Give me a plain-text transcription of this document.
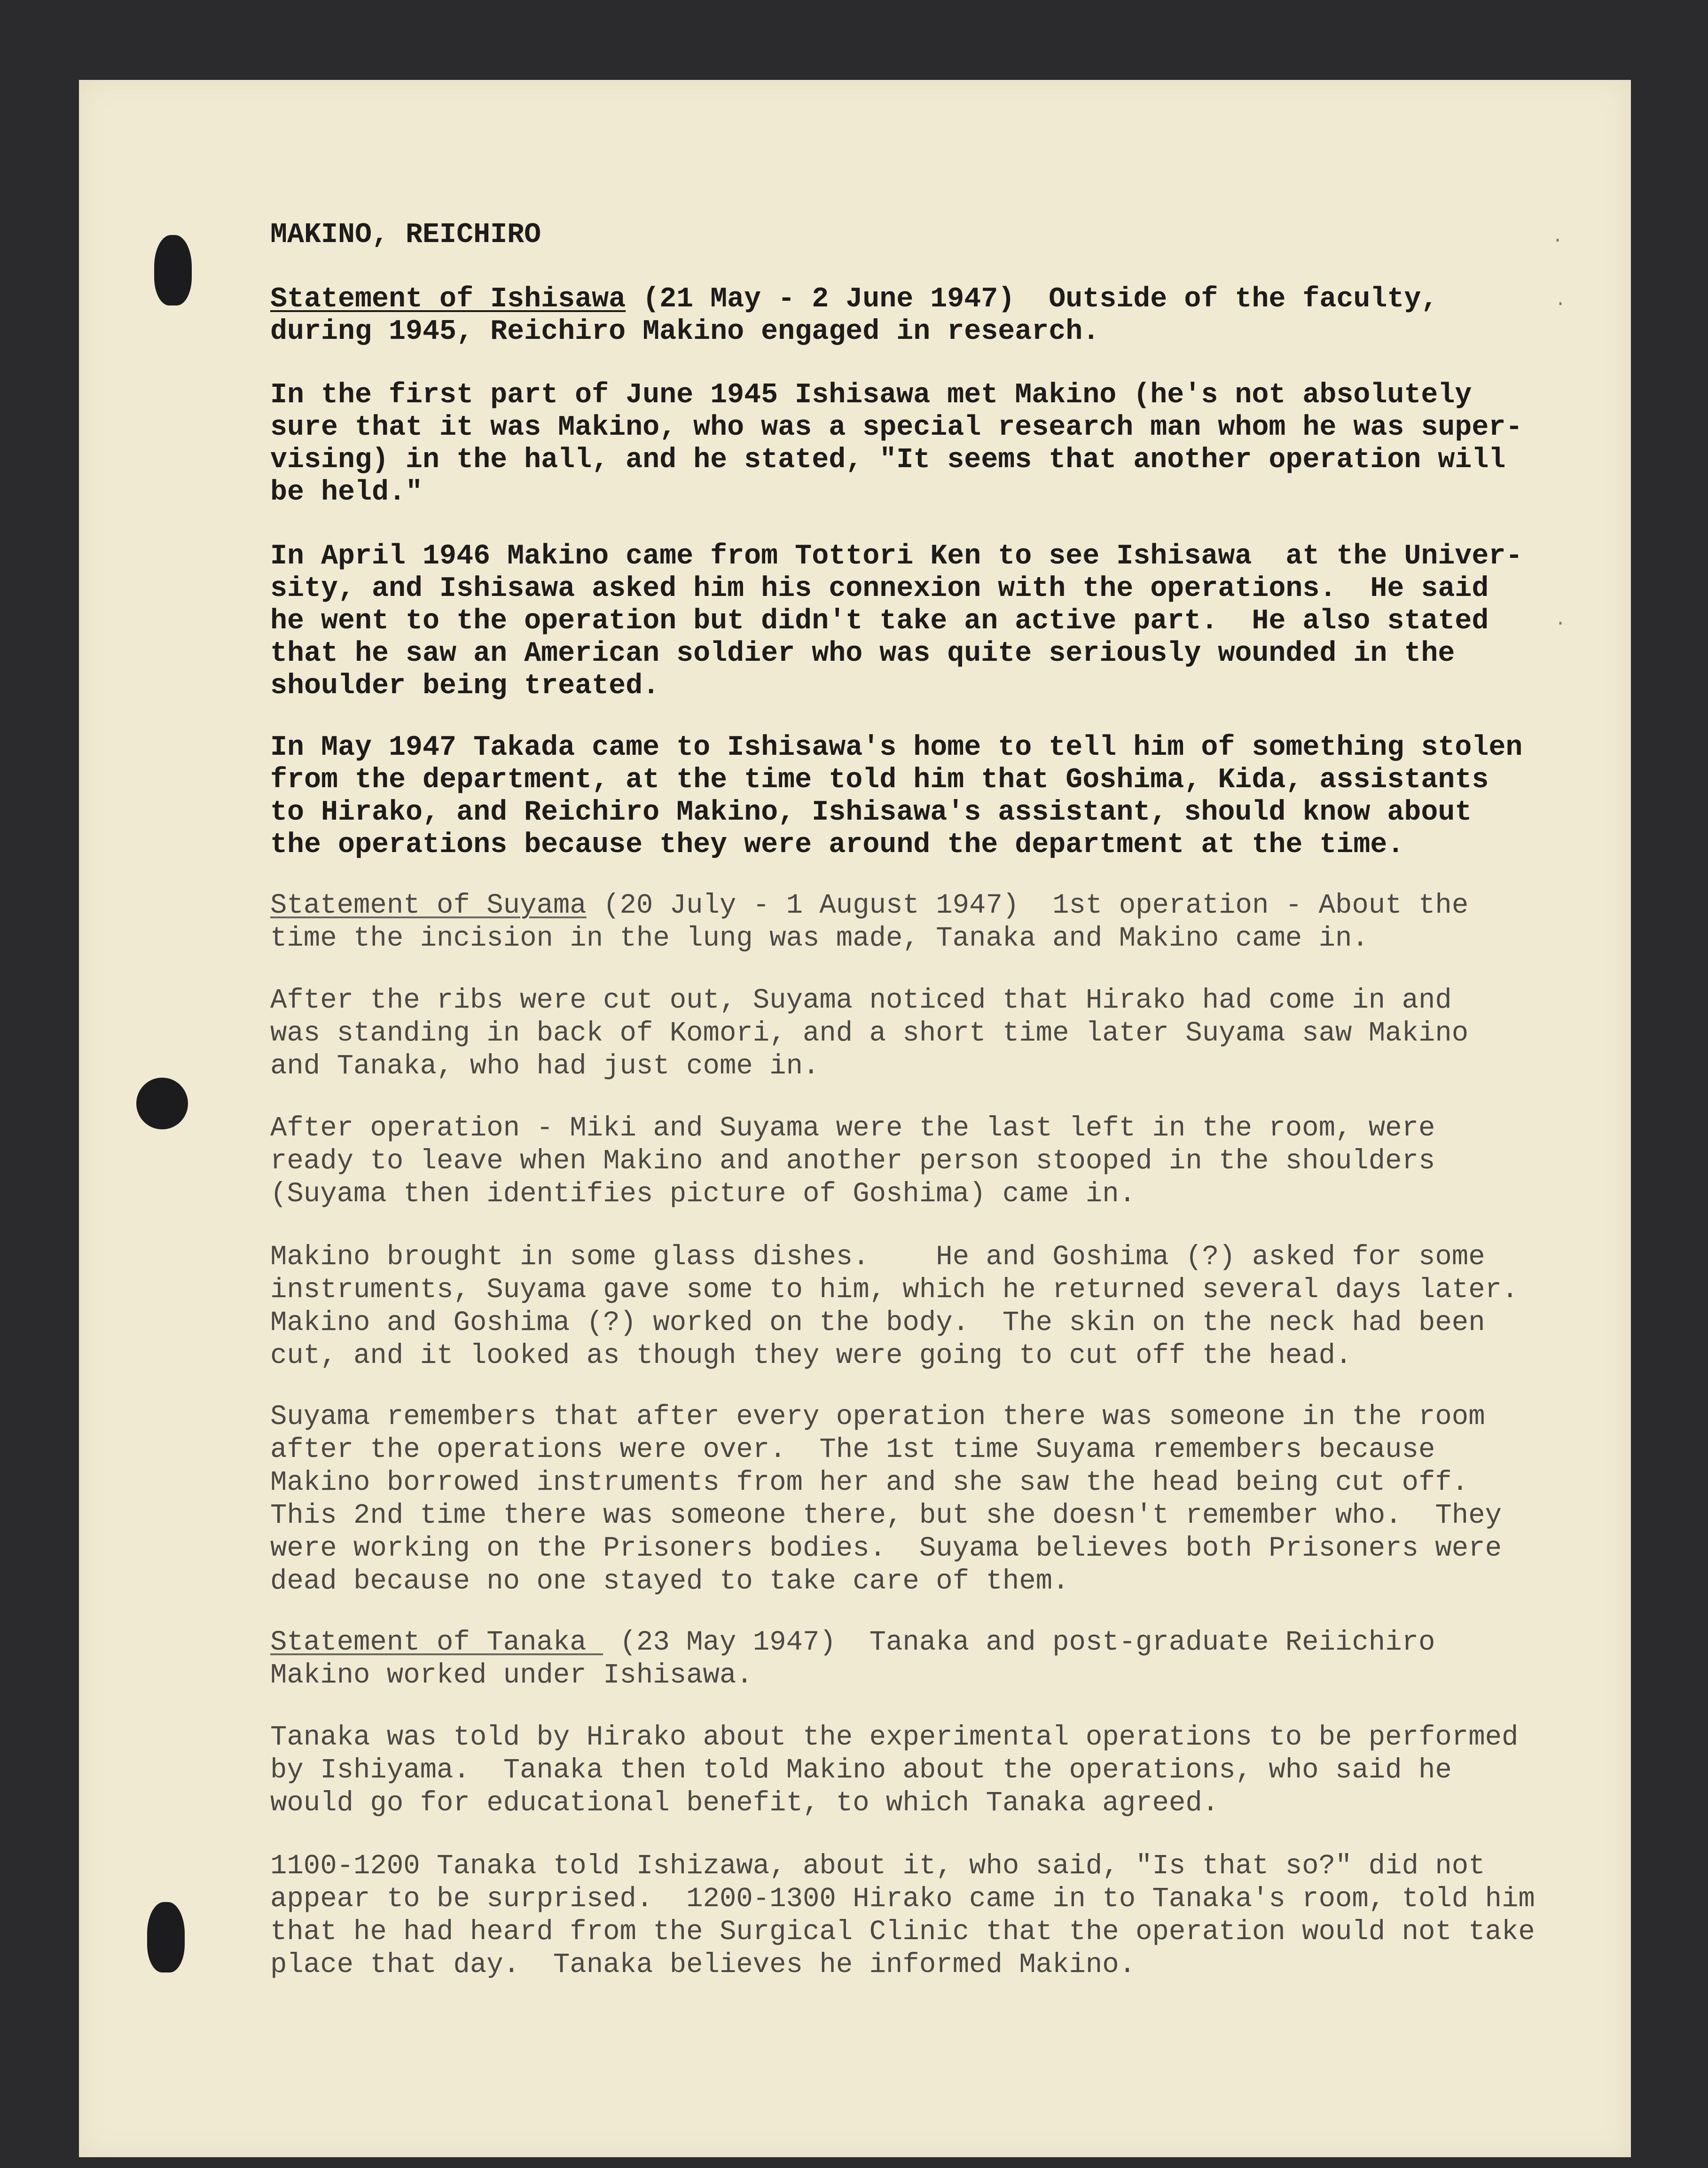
·
·
·
MAKINO, REICHIRO
Statement of Ishisawa (21 May - 2 June 1947)  Outside of the faculty,
during 1945, Reichiro Makino engaged in research.
In the first part of June 1945 Ishisawa met Makino (he's not absolutely
sure that it was Makino, who was a special research man whom he was super-
vising) in the hall, and he stated, "It seems that another operation will
be held."
In April 1946 Makino came from Tottori Ken to see Ishisawa  at the Univer-
sity, and Ishisawa asked him his connexion with the operations.  He said
he went to the operation but didn't take an active part.  He also stated
that he saw an American soldier who was quite seriously wounded in the
shoulder being treated.
In May 1947 Takada came to Ishisawa's home to tell him of something stolen
from the department, at the time told him that Goshima, Kida, assistants
to Hirako, and Reichiro Makino, Ishisawa's assistant, should know about
the operations because they were around the department at the time.
Statement of Suyama (20 July - 1 August 1947)  1st operation - About the
time the incision in the lung was made, Tanaka and Makino came in.
After the ribs were cut out, Suyama noticed that Hirako had come in and
was standing in back of Komori, and a short time later Suyama saw Makino
and Tanaka, who had just come in.
After operation - Miki and Suyama were the last left in the room, were
ready to leave when Makino and another person stooped in the shoulders
(Suyama then identifies picture of Goshima) came in.
Makino brought in some glass dishes.    He and Goshima (?) asked for some
instruments, Suyama gave some to him, which he returned several days later.
Makino and Goshima (?) worked on the body.  The skin on the neck had been
cut, and it looked as though they were going to cut off the head.
Suyama remembers that after every operation there was someone in the room
after the operations were over.  The 1st time Suyama remembers because
Makino borrowed instruments from her and she saw the head being cut off.
This 2nd time there was someone there, but she doesn't remember who.  They
were working on the Prisoners bodies.  Suyama believes both Prisoners were
dead because no one stayed to take care of them.
Statement of Tanaka  (23 May 1947)  Tanaka and post-graduate Reiichiro
Makino worked under Ishisawa.
Tanaka was told by Hirako about the experimental operations to be performed
by Ishiyama.  Tanaka then told Makino about the operations, who said he
would go for educational benefit, to which Tanaka agreed.
1100-1200 Tanaka told Ishizawa, about it, who said, "Is that so?" did not
appear to be surprised.  1200-1300 Hirako came in to Tanaka's room, told him
that he had heard from the Surgical Clinic that the operation would not take
place that day.  Tanaka believes he informed Makino.
